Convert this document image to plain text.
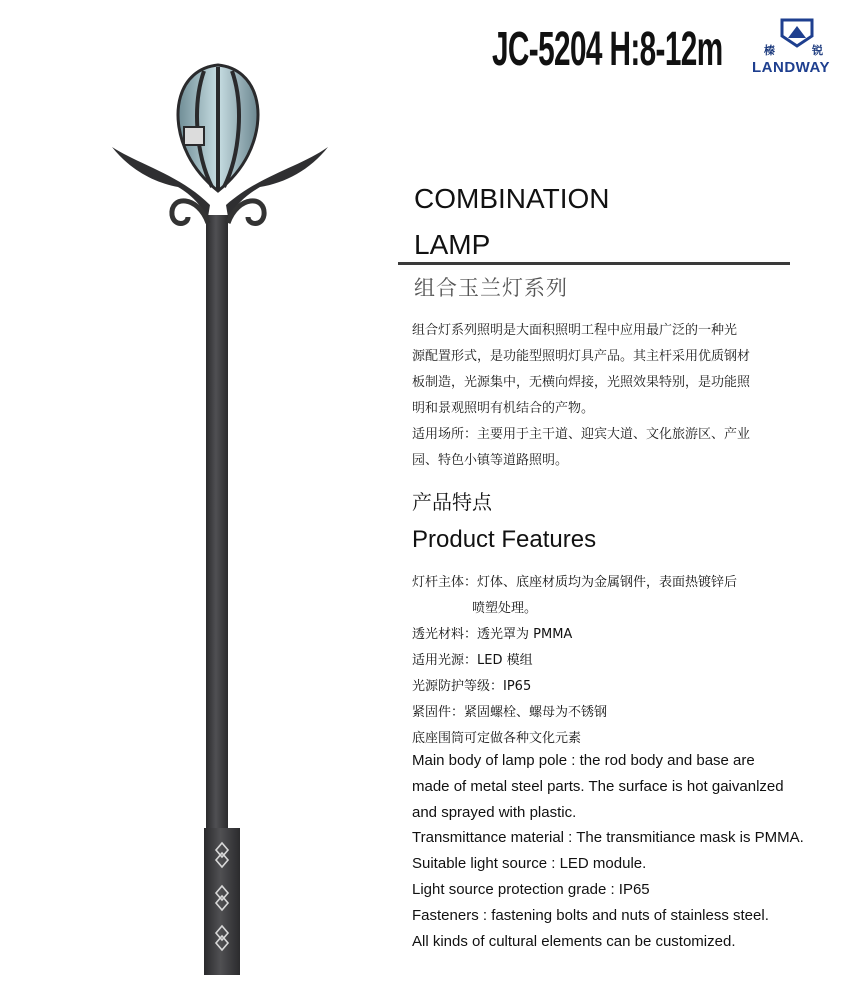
JC-5204 H:8-12m	榛	锐
LANDWAY
COMBINATION
LAMP
组合玉兰灯系列

组合灯系列照明是大面积照明工程中应用最广泛的一种光

源配置形式，是功能型照明灯具产品。其主杆采用优质钢材

板制造，光源集中，无横向焊接，光照效果特别，是功能照

明和景观照明有机结合的产物。

适用场所：主要用于主干道、迎宾大道、文化旅游区、产业

园、特色小镇等道路照明。

产品特点
Product Features
灯杆主体：灯体、底座材质均为金属钢件，表面热镀锌后
喷塑处理。
透光材料：透光罩为 PMMA
适用光源：LED 模组
光源防护等级：IP65
紧固件：紧固螺栓、螺母为不锈钢
底座围筒可定做各种文化元素
Main body of lamp pole : the rod body and base are
made of metal steel parts. The surface is hot gaivanlzed
and sprayed with plastic.
Transmittance material : The transmitiance mask is PMMA.
Suitable light source : LED module.
Light source protection grade : IP65
Fasteners : fastening bolts and nuts of stainless steel.
All kinds of cultural elements can be customized.
